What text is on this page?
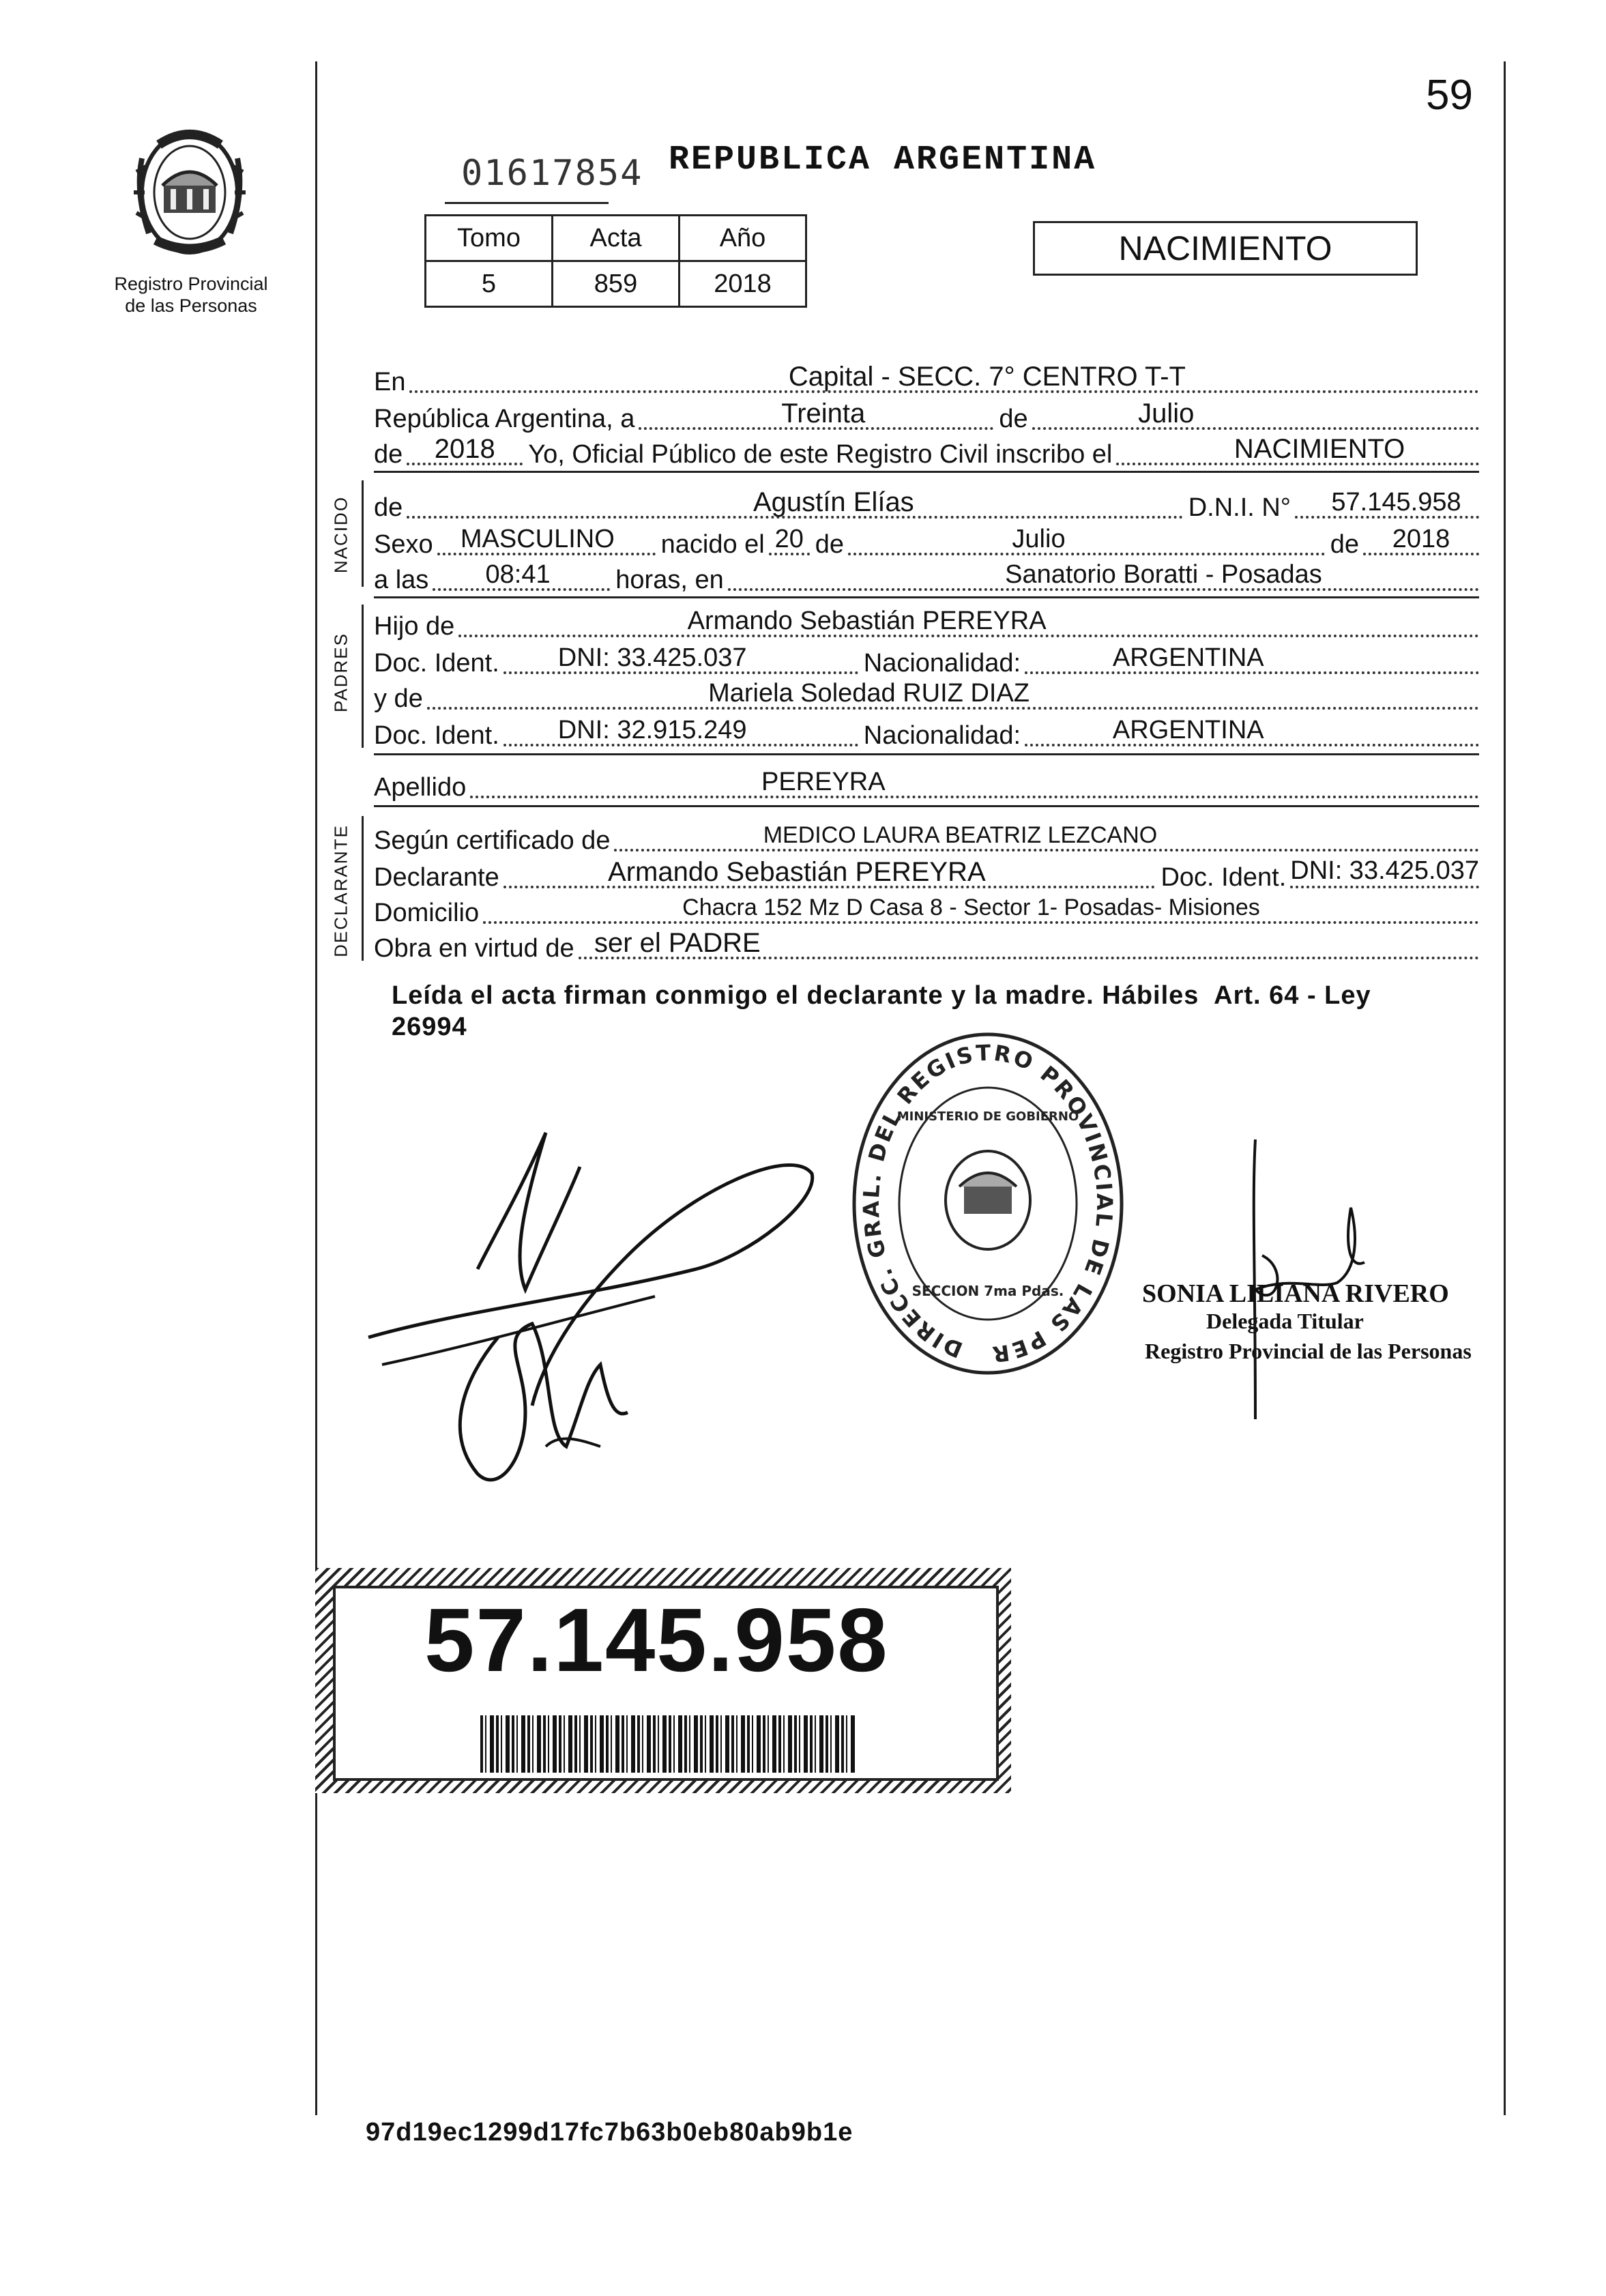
59
Registro Provincial
de las Personas
01617854 REPUBLICA ARGENTINA
Tomo	Acta	Año
5	859	2018
NACIMIENTO
En	Capital - SECC. 7° CENTRO T-T
República Argentina, a	Treinta	de	Julio
de 2018 Yo, Oficial Público de este Registro Civil inscribo el	NACIMIENTO
NACIDO de	Agustín Elías	D.N.I. N° 57.145.958
Sexo MASCULINO nacido el 20 de	Julio	de 2018
a las 08:41	horas, en	Sanatorio Boratti - Posadas
PADRES
Hijo de	Armando Sebastián PEREYRA
Doc. Ident. DNI: 33.425.037	Nacionalidad:	ARGENTINA
y de	Mariela Soledad RUIZ DIAZ
Doc. Ident. DNI: 32.915.249	Nacionalidad:	ARGENTINA
Apellido	PEREYRA
DECLARANTE Según certificado de	MEDICO LAURA BEATRIZ LEZCANO
Declarante	Armando Sebastián PEREYRA	Doc. Ident. DNI: 33.425.037
Domicilio	Chacra 152 Mz D Casa 8 - Sector 1- Posadas- Misiones
Obra en virtud de ser el PADRE
Leída el acta firman conmigo el declarante y la madre. Hábiles  Art. 64 - Ley
26994
DIRECC. GRAL. DEL REGISTRO PROVINCIAL DE LAS PER
MINISTERIO DE GOBIERNO
SECCION 7ma Pdas.	SONIA LILIANA RIVERO
Delegada Titular
Registro Provincial de las Personas
57.145.958
97d19ec1299d17fc7b63b0eb80ab9b1e
